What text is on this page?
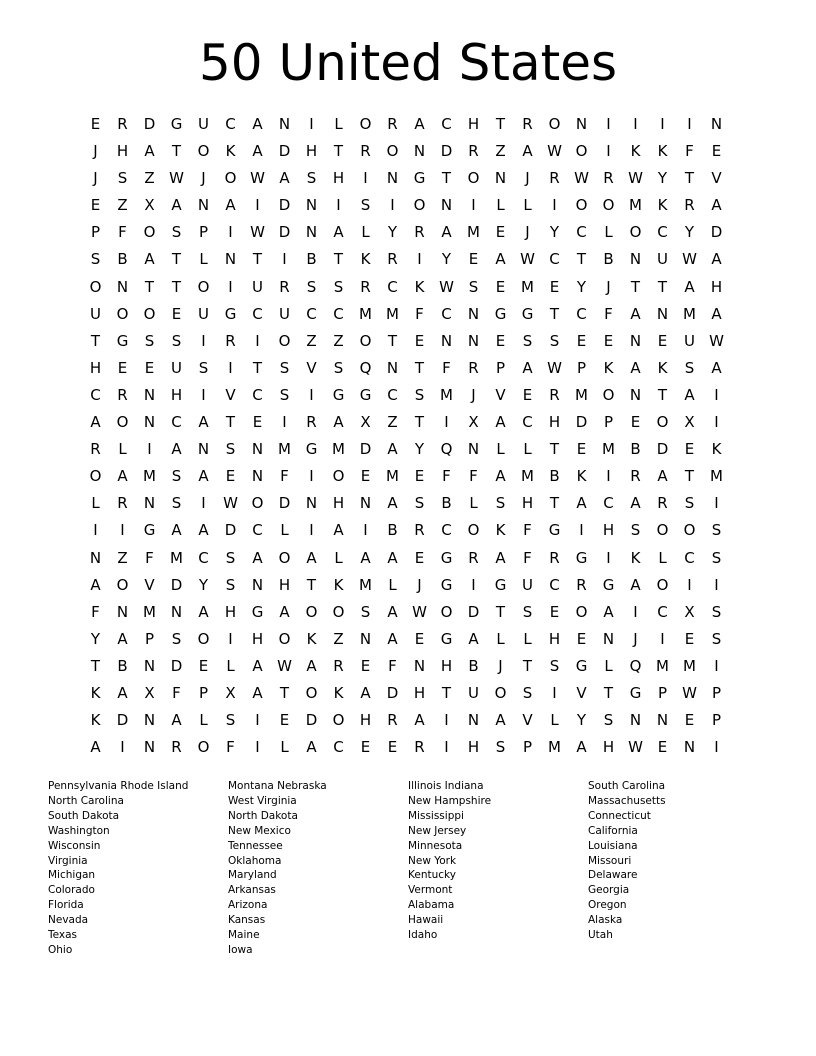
50 United States
E	R	D	G	U	C	A	N	I	L	O	R	A	C	H	T	R	O	N	I	I	I	I	N
J	H	A	T	O	K	A	D	H	T	R	O	N	D	R	Z	A W O	I	K	K	F	E
J	S	Z W	J	O W A	S	H	I	N	G	T	O	N	J	R W R W Y	T	V
E	Z	X	A	N	A	I	D	N	I	S	I	O	N	I	L	L	I	O	O M	K	R	A
P	F	O	S	P	I	W D	N	A	L	Y	R	A	M	E	J	Y	C	L	O	C	Y	D
S	B	A	T	L	N	T	I	B	T	K	R	I	Y	E	A W C	T	B	N	U W A
O	N	T	T	O	I	U	R	S	S	R	C	K W S	E	M	E	Y	J	T	T	A	H
U	O	O	E	U	G	C	U	C	C	M M	F	C	N	G	G	T	C	F	A	N M	A
T	G	S	S	I	R	I	O	Z	Z	O	T	E	N	N	E	S	S	E	E	N	E	U W
H	E	E	U	S	I	T	S	V	S	Q	N	T	F	R	P	A W	P	K	A	K	S	A
C	R	N	H	I	V	C	S	I	G	G	C	S	M	J	V	E	R	M O	N	T	A	I
A	O	N	C	A	T	E	I	R	A	X	Z	T	I	X	A	C	H	D	P	E	O	X	I
R	L	I	A	N	S	N M G M D	A	Y	Q	N	L	L	T	E	M	B	D	E	K
O	A	M	S	A	E	N	F	I	O	E	M	E	F	F	A	M	B	K	I	R	A	T	M
L	R	N	S	I	W O	D	N	H	N	A	S	B	L	S	H	T	A	C	A	R	S	I
I	I	G	A	A	D	C	L	I	A	I	B	R	C	O	K	F	G	I	H	S	O	O	S
N	Z	F	M	C	S	A	O	A	L	A	A	E	G	R	A	F	R	G	I	K	L	C	S
A	O	V	D	Y	S	N	H	T	K	M	L	J	G	I	G	U	C	R	G	A	O	I	I
F	N M N	A	H	G	A	O	O	S	A W O	D	T	S	E	O	A	I	C	X	S
Y	A	P	S	O	I	H	O	K	Z	N	A	E	G	A	L	L	H	E	N	J	I	E	S
T	B	N	D	E	L	A W A	R	E	F	N	H	B	J	T	S	G	L	Q M M	I
K	A	X	F	P	X	A	T	O	K	A	D	H	T	U	O	S	I	V	T	G	P	W	P
K	D	N	A	L	S	I	E	D	O	H	R	A	I	N	A	V	L	Y	S	N	N	E	P
A	I	N	R	O	F	I	L	A	C	E	E	R	I	H	S	P	M	A	H W E	N	I
Pennsylvania Rhode Island
North Carolina
South Dakota
Washington
Wisconsin
Virginia
Michigan
Colorado
Florida
Nevada
Texas
Ohio
Montana Nebraska
West Virginia
North Dakota
New Mexico
Tennessee
Oklahoma
Maryland
Arkansas
Arizona
Kansas
Maine
Iowa
Illinois Indiana
New Hampshire
Mississippi
New Jersey
Minnesota
New York
Kentucky
Vermont
Alabama
Hawaii
Idaho
South Carolina
Massachusetts
Connecticut
California
Louisiana
Missouri
Delaware
Georgia
Oregon
Alaska
Utah
